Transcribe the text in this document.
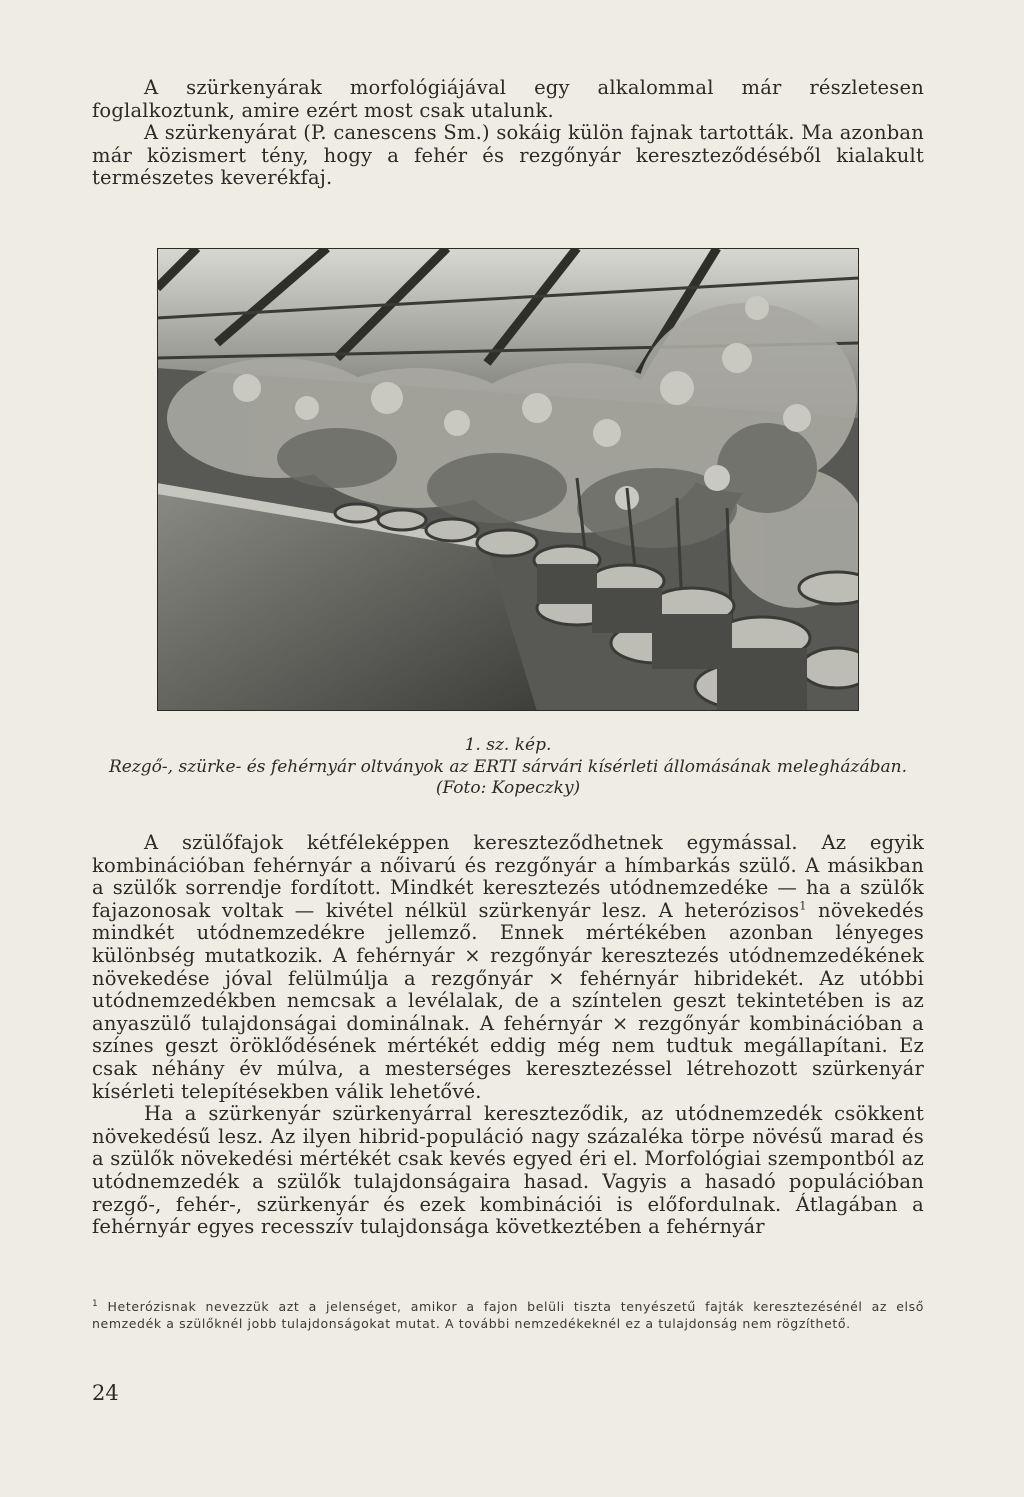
A szürkenyárak morfológiájával egy alkalommal már részletesen foglalkoztunk, amire ezért most csak utalunk.

A szürkenyárat (P. canescens Sm.) sokáig külön fajnak tartották. Ma azonban már közismert tény, hogy a fehér és rezgőnyár kereszteződéséből kialakult természetes keverékfaj.

1. sz. kép.
Rezgő-, szürke- és fehérnyár oltványok az ERTI sárvári kísérleti állomásának melegházában. (Foto: Kopeczky)

A szülőfajok kétféleképpen kereszteződhetnek egymással. Az egyik kombinációban fehérnyár a nőivarú és rezgőnyár a hímbarkás szülő. A másikban a szülők sorrendje fordított. Mindkét keresztezés utódnemzedéke — ha a szülők fajazonosak voltak — kivétel nélkül szürkenyár lesz. A heterózisos$^1$ növekedés mindkét utódnemzedékre jellemző. Ennek mértékében azonban lényeges különbség mutatkozik. A fehérnyár × rezgőnyár keresztezés utódnemzedékének növekedése jóval felülmúlja a rezgőnyár × fehérnyár hibridekét. Az utóbbi utódnemzedékben nemcsak a levélalak, de a színtelen geszt tekintetében is az anyaszülő tulajdonságai dominálnak. A fehérnyár × rezgőnyár kombinációban a színes geszt öröklődésének mértékét eddig még nem tudtuk megállapítani. Ez csak néhány év múlva, a mesterséges keresztezéssel létrehozott szürkenyár kísérleti telepítésekben válik lehetővé.

Ha a szürkenyár szürkenyárral kereszteződik, az utódnemzedék csökkent növekedésű lesz. Az ilyen hibrid-populáció nagy százaléka törpe növésű marad és a szülők növekedési mértékét csak kevés egyed éri el. Morfológiai szempontból az utódnemzedék a szülők tulajdonságaira hasad. Vagyis a hasadó populációban rezgő-, fehér-, szürkenyár és ezek kombinációi is előfordulnak. Átlagában a fehérnyár egyes recesszív tulajdonsága következtében a fehérnyár

$^1$ Heterózisnak nevezzük azt a jelenséget, amikor a fajon belüli tiszta tenyészetű fajták keresztezésénél az első nemzedék a szülőknél jobb tulajdonságokat mutat. A további nemzedékeknél ez a tulajdonság nem rögzíthető.
24
